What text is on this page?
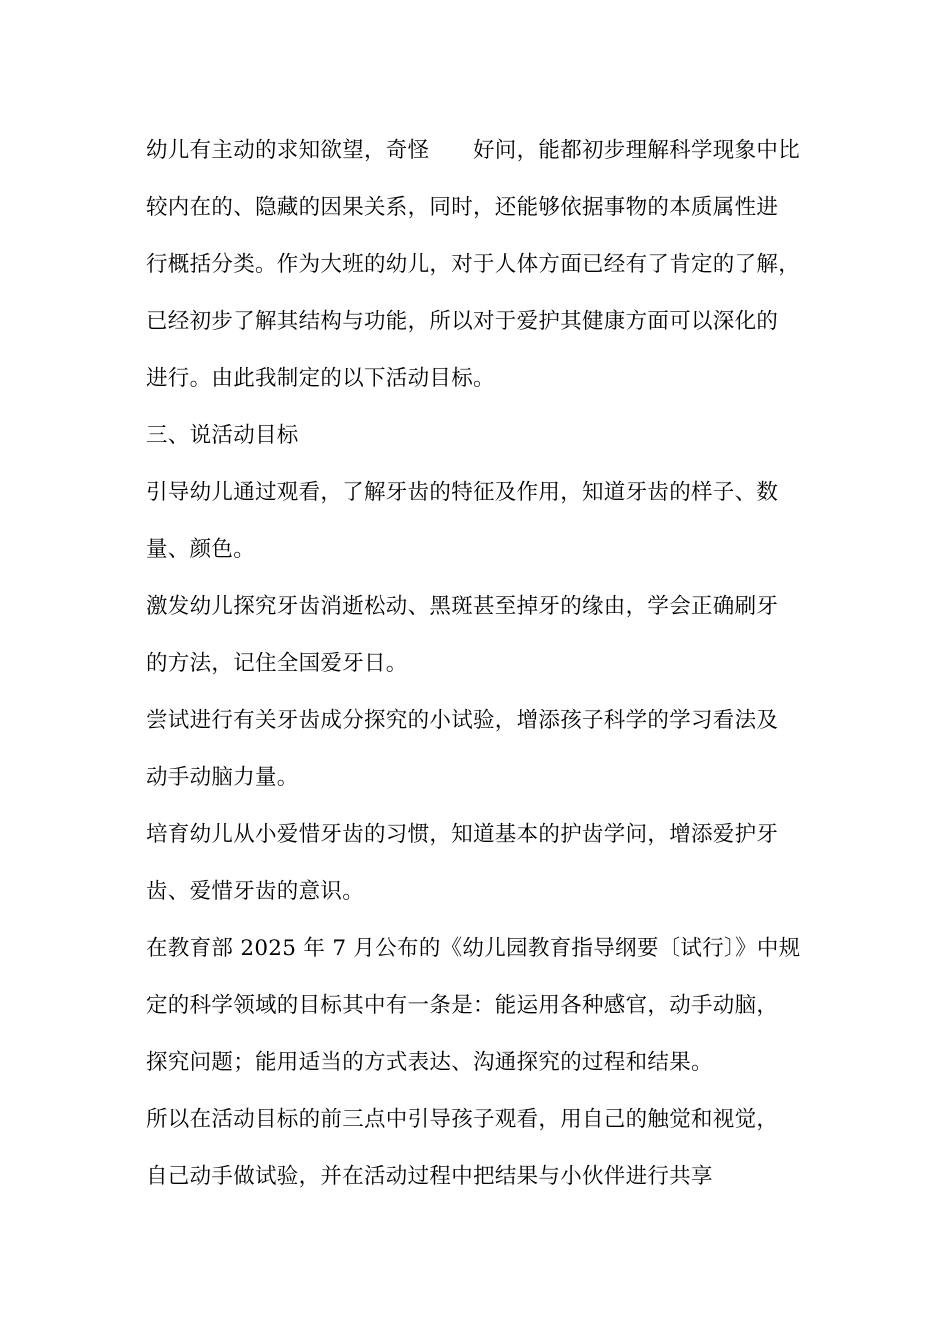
幼儿有主动的求知欲望，奇怪　　好问，能都初步理解科学现象中比
较内在的、隐藏的因果关系，同时，还能够依据事物的本质属性进
行概括分类。作为大班的幼儿，对于人体方面已经有了肯定的了解，
已经初步了解其结构与功能，所以对于爱护其健康方面可以深化的
进行。由此我制定的以下活动目标。
三、说活动目标
引导幼儿通过观看，了解牙齿的特征及作用，知道牙齿的样子、数
量、颜色。
激发幼儿探究牙齿消逝松动、黑斑甚至掉牙的缘由，学会正确刷牙
的方法，记住全国爱牙日。
尝试进行有关牙齿成分探究的小试验，增添孩子科学的学习看法及
动手动脑力量。
培育幼儿从小爱惜牙齿的习惯，知道基本的护齿学问，增添爱护牙
齿、爱惜牙齿的意识。
在教育部 2025 年 7 月公布的《幼儿园教育指导纲要〔试行〕》中规
定的科学领域的目标其中有一条是：能运用各种感官，动手动脑，
探究问题；能用适当的方式表达、沟通探究的过程和结果。
所以在活动目标的前三点中引导孩子观看，用自己的触觉和视觉，
自己动手做试验，并在活动过程中把结果与小伙伴进行共享
